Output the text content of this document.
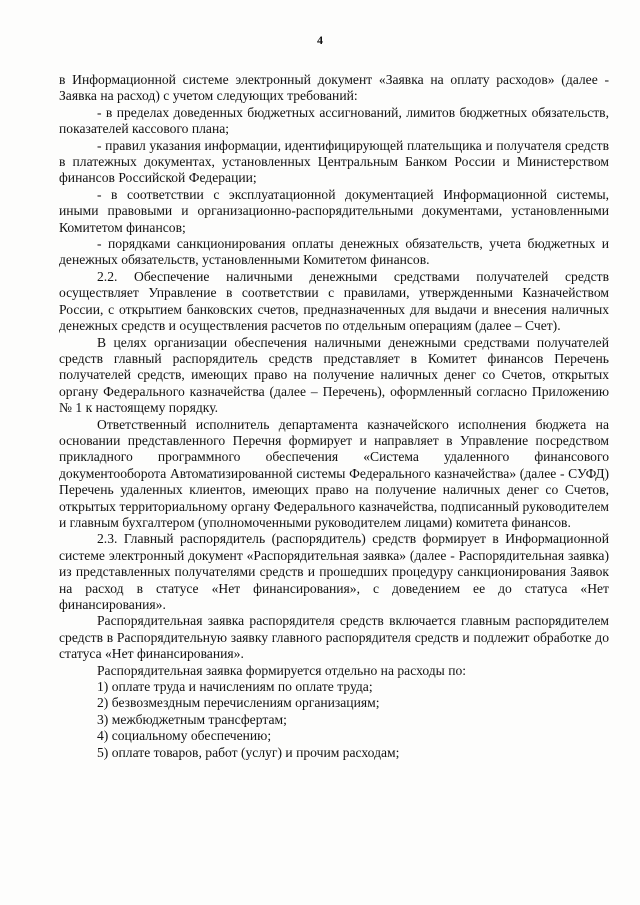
4

в Информационной системе электронный документ «Заявка на оплату расходов» (далее - Заявка на расход) с учетом следующих требований:

- в пределах доведенных бюджетных ассигнований, лимитов бюджетных обязательств, показателей кассового плана;

- правил указания информации, идентифицирующей плательщика и получателя средств в платежных документах, установленных Центральным Банком России и Министерством финансов Российской Федерации;

- в соответствии с эксплуатационной документацией Информационной системы, иными правовыми и организационно-распорядительными документами, установленными Комитетом финансов;

- порядками санкционирования оплаты денежных обязательств, учета бюджетных и денежных обязательств, установленными Комитетом финансов.

2.2. Обеспечение наличными денежными средствами получателей средств осуществляет Управление в соответствии с правилами, утвержденными Казначейством России, с открытием банковских счетов, предназначенных для выдачи и внесения наличных денежных средств и осуществления расчетов по отдельным операциям (далее – Счет).

В целях организации обеспечения наличными денежными средствами получателей средств главный распорядитель средств представляет в Комитет финансов Перечень получателей средств, имеющих право на получение наличных денег со Счетов, открытых органу Федерального казначейства (далее – Перечень), оформленный согласно Приложению № 1 к настоящему порядку.

Ответственный исполнитель департамента казначейского исполнения бюджета на основании представленного Перечня формирует и направляет в Управление посредством прикладного программного обеспечения «Система удаленного финансового документооборота Автоматизированной системы Федерального казначейства» (далее - СУФД) Перечень удаленных клиентов, имеющих право на получение наличных денег со Счетов, открытых территориальному органу Федерального казначейства, подписанный руководителем и главным бухгалтером (уполномоченными руководителем лицами) комитета финансов.

2.3. Главный распорядитель (распорядитель) средств формирует в Информационной системе электронный документ «Распорядительная заявка» (далее - Распорядительная заявка) из представленных получателями средств и прошедших процедуру санкционирования Заявок на расход в статусе «Нет финансирования», с доведением ее до статуса «Нет финансирования».

Распорядительная заявка распорядителя средств включается главным распорядителем средств в Распорядительную заявку главного распорядителя средств и подлежит обработке до статуса «Нет финансирования».

Распорядительная заявка формируется отдельно на расходы по:

1) оплате труда и начислениям по оплате труда;

2) безвозмездным перечислениям организациям;

3) межбюджетным трансфертам;

4) социальному обеспечению;

5) оплате товаров, работ (услуг) и прочим расходам;
